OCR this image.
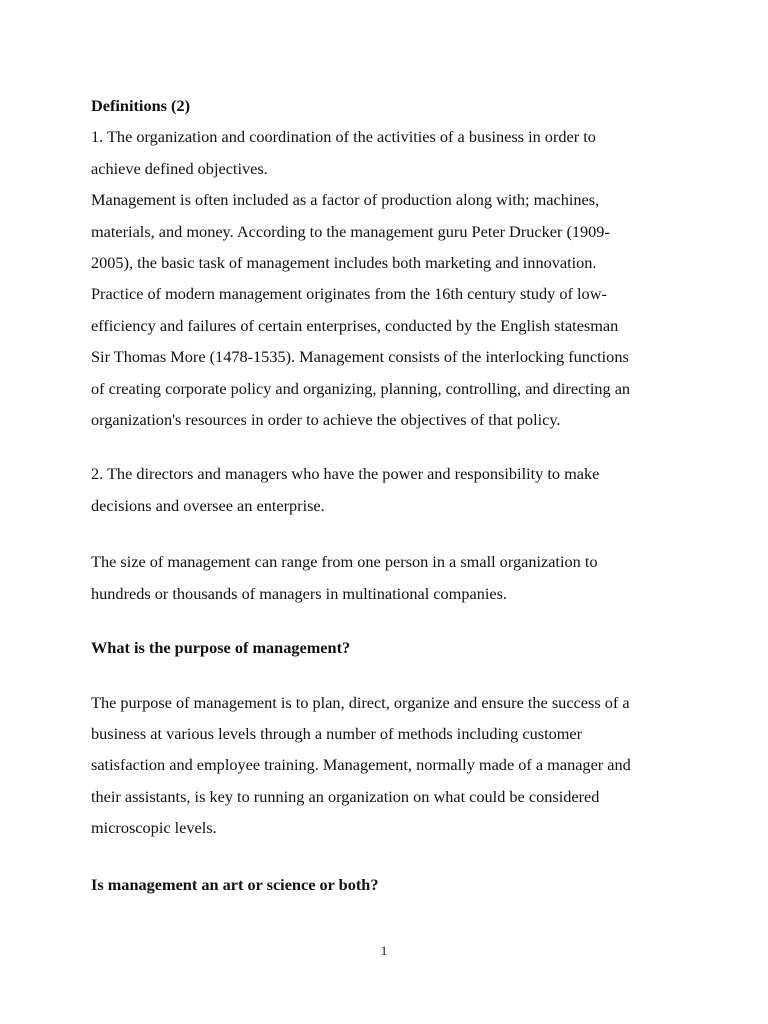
Definitions (2)
1. The organization and coordination of the activities of a business in order to
achieve defined objectives.
Management is often included as a factor of production along with; machines,
materials, and money. According to the management guru Peter Drucker (1909-
2005), the basic task of management includes both marketing and innovation.
Practice of modern management originates from the 16th century study of low-
efficiency and failures of certain enterprises, conducted by the English statesman
Sir Thomas More (1478-1535). Management consists of the interlocking functions
of creating corporate policy and organizing, planning, controlling, and directing an
organization's resources in order to achieve the objectives of that policy.
2. The directors and managers who have the power and responsibility to make
decisions and oversee an enterprise.
The size of management can range from one person in a small organization to
hundreds or thousands of managers in multinational companies.
What is the purpose of management?
The purpose of management is to plan, direct, organize and ensure the success of a
business at various levels through a number of methods including customer
satisfaction and employee training. Management, normally made of a manager and
their assistants, is key to running an organization on what could be considered
microscopic levels.
Is management an art or science or both?
1
